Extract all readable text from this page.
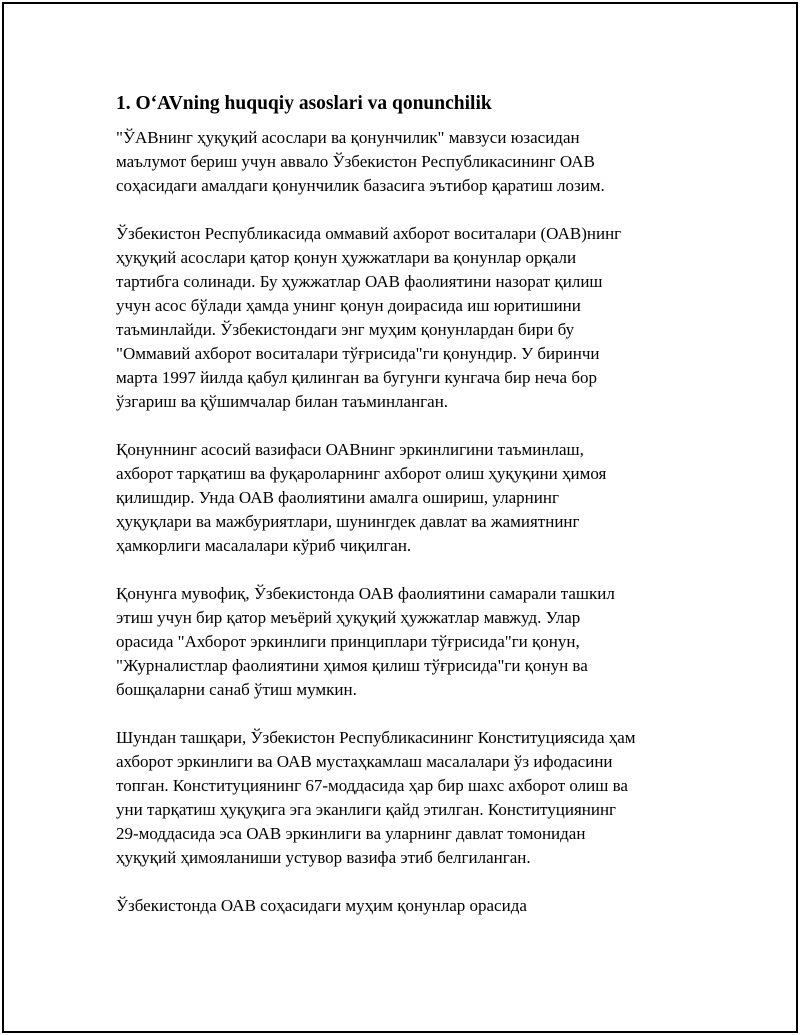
1. O‘AVning huquqiy asoslari va qonunchilik
"ЎАВнинг ҳуқуқий асослари ва қонунчилик" мавзуси юзасидан
маълумот бериш учун аввало Ўзбекистон Республикасининг ОАВ
соҳасидаги амалдаги қонунчилик базасига эътибор қаратиш лозим.
Ўзбекистон Республикасида оммавий ахборот воситалари (ОАВ)нинг
ҳуқуқий асослари қатор қонун ҳужжатлари ва қонунлар орқали
тартибга солинади. Бу ҳужжатлар ОАВ фаолиятини назорат қилиш
учун асос бўлади ҳамда унинг қонун доирасида иш юритишини
таъминлайди. Ўзбекистондаги энг муҳим қонунлардан бири бу
"Оммавий ахборот воситалари тўғрисида"ги қонундир. У биринчи
марта 1997 йилда қабул қилинган ва бугунги кунгача бир неча бор
ўзгариш ва қўшимчалар билан таъминланган.
Қонуннинг асосий вазифаси ОАВнинг эркинлигини таъминлаш,
ахборот тарқатиш ва фуқароларнинг ахборот олиш ҳуқуқини ҳимоя
қилишдир. Унда ОАВ фаолиятини амалга ошириш, уларнинг
ҳуқуқлари ва мажбуриятлари, шунингдек давлат ва жамиятнинг
ҳамкорлиги масалалари кўриб чиқилган.
Қонунга мувофиқ, Ўзбекистонда ОАВ фаолиятини самарали ташкил
этиш учун бир қатор меъёрий ҳуқуқий ҳужжатлар мавжуд. Улар
орасида "Ахборот эркинлиги принциплари тўғрисида"ги қонун,
"Журналистлар фаолиятини ҳимоя қилиш тўғрисида"ги қонун ва
бошқаларни санаб ўтиш мумкин.
Шундан ташқари, Ўзбекистон Республикасининг Конституциясида ҳам
ахборот эркинлиги ва ОАВ мустаҳкамлаш масалалари ўз ифодасини
топган. Конституциянинг 67-моддасида ҳар бир шахс ахборот олиш ва
уни тарқатиш ҳуқуқига эга эканлиги қайд этилган. Конституциянинг
29-моддасида эса ОАВ эркинлиги ва уларнинг давлат томонидан
ҳуқуқий ҳимояланиши устувор вазифа этиб белгиланган.
Ўзбекистонда ОАВ соҳасидаги муҳим қонунлар орасида
